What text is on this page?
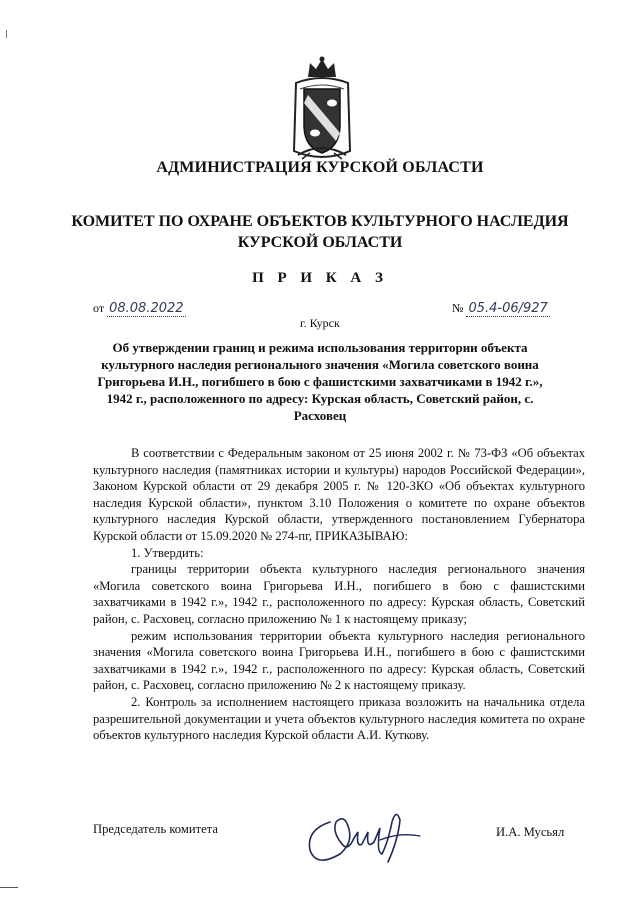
АДМИНИСТРАЦИЯ КУРСКОЙ ОБЛАСТИ
КОМИТЕТ ПО ОХРАНЕ ОБЪЕКТОВ КУЛЬТУРНОГО НАСЛЕДИЯ
КУРСКОЙ ОБЛАСТИ
П Р И К А З
от 08.08.2022	№ 05.4-06/927
г. Курск
Об утверждении границ и режима использования территории объекта культурного наследия регионального значения «Могила советского воина Григорьева И.Н., погибшего в бою с фашистскими захватчиками в 1942 г.», 1942 г., расположенного по адресу: Курская область, Советский район, с. Расховец

В соответствии с Федеральным законом от 25 июня 2002 г. № 73-ФЗ «Об объектах культурного наследия (памятниках истории и культуры) народов Российской Федерации», Законом Курской области от 29 декабря 2005 г. № 120-ЗКО «Об объектах культурного наследия Курской области», пунктом 3.10 Положения о комитете по охране объектов культурного наследия Курской области, утвержденного постановлением Губернатора Курской области от 15.09.2020 № 274-пг, ПРИКАЗЫВАЮ:

1. Утвердить:

границы территории объекта культурного наследия регионального значения «Могила советского воина Григорьева И.Н., погибшего в бою с фашистскими захватчиками в 1942 г.», 1942 г., расположенного по адресу: Курская область, Советский район, с. Расховец, согласно приложению № 1 к настоящему приказу;

режим использования территории объекта культурного наследия регионального значения «Могила советского воина Григорьева И.Н., погибшего в бою с фашистскими захватчиками в 1942 г.», 1942 г., расположенного по адресу: Курская область, Советский район, с. Расховец, согласно приложению № 2 к настоящему приказу.

2. Контроль за исполнением настоящего приказа возложить на начальника отдела разрешительной документации и учета объектов культурного наследия комитета по охране объектов культурного наследия Курской области А.И. Куткову.

Председатель комитета	И.А. Мусьял
